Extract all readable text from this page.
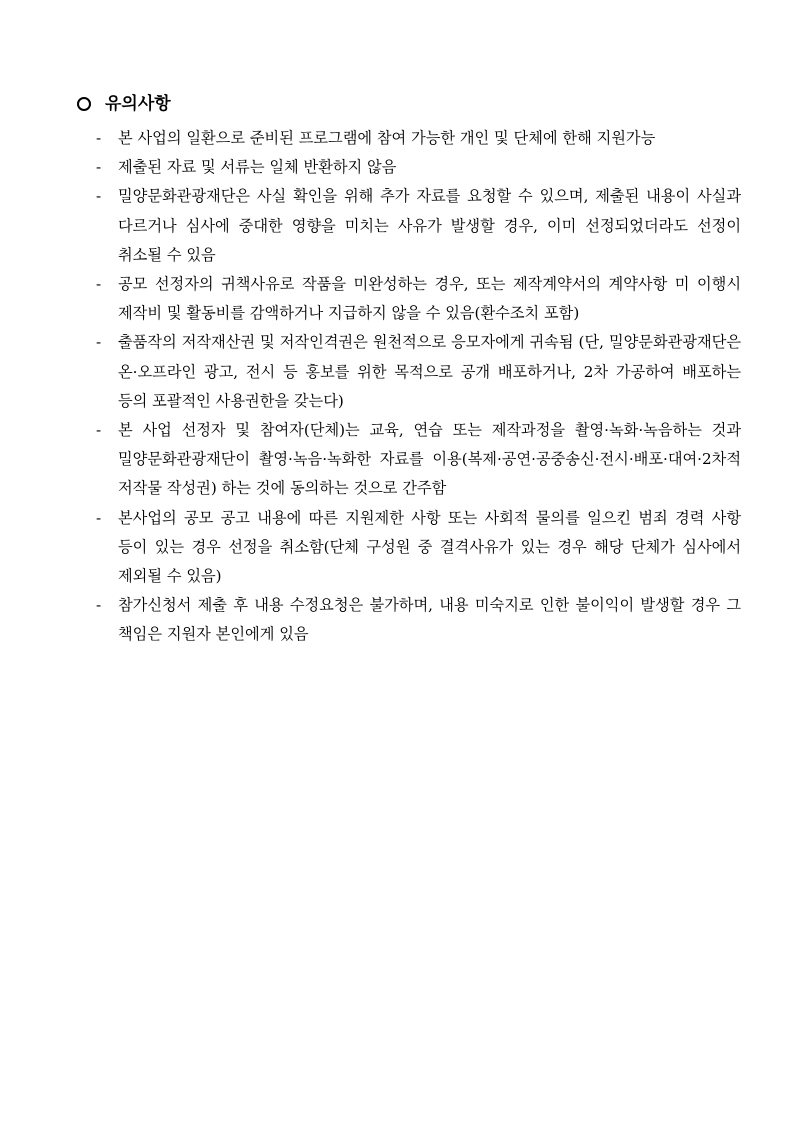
유의사항
-	본 사업의 일환으로 준비된 프로그램에 참여 가능한 개인 및 단체에 한해 지원가능
-	제출된 자료 및 서류는 일체 반환하지 않음
-	밀양문화관광재단은 사실 확인을 위해 추가 자료를 요청할 수 있으며, 제출된 내용이 사실과 다르거나 심사에 중대한 영향을 미치는 사유가 발생할 경우, 이미 선정되었더라도 선정이 취소될 수 있음
-	공모 선정자의 귀책사유로 작품을 미완성하는 경우, 또는 제작계약서의 계약사항 미 이행시 제작비 및 활동비를 감액하거나 지급하지 않을 수 있음(환수조치 포함)
-	출품작의 저작재산권 및 저작인격권은 원천적으로 응모자에게 귀속됨 (단, 밀양문화관광재단은 온·오프라인 광고, 전시 등 홍보를 위한 목적으로 공개 배포하거나, 2차 가공하여 배포하는 등의 포괄적인 사용권한을 갖는다)
-	본 사업 선정자 및 참여자(단체)는 교육, 연습 또는 제작과정을 촬영·녹화·녹음하는 것과 밀양문화관광재단이 촬영·녹음·녹화한 자료를 이용(복제·공연·공중송신·전시·배포·대여·2차적 저작물 작성권) 하는 것에 동의하는 것으로 간주함
-	본사업의 공모 공고 내용에 따른 지원제한 사항 또는 사회적 물의를 일으킨 범죄 경력 사항 등이 있는 경우 선정을 취소함(단체 구성원 중 결격사유가 있는 경우 해당 단체가 심사에서 제외될 수 있음)
-	참가신청서 제출 후 내용 수정요청은 불가하며, 내용 미숙지로 인한 불이익이 발생할 경우 그 책임은 지원자 본인에게 있음
